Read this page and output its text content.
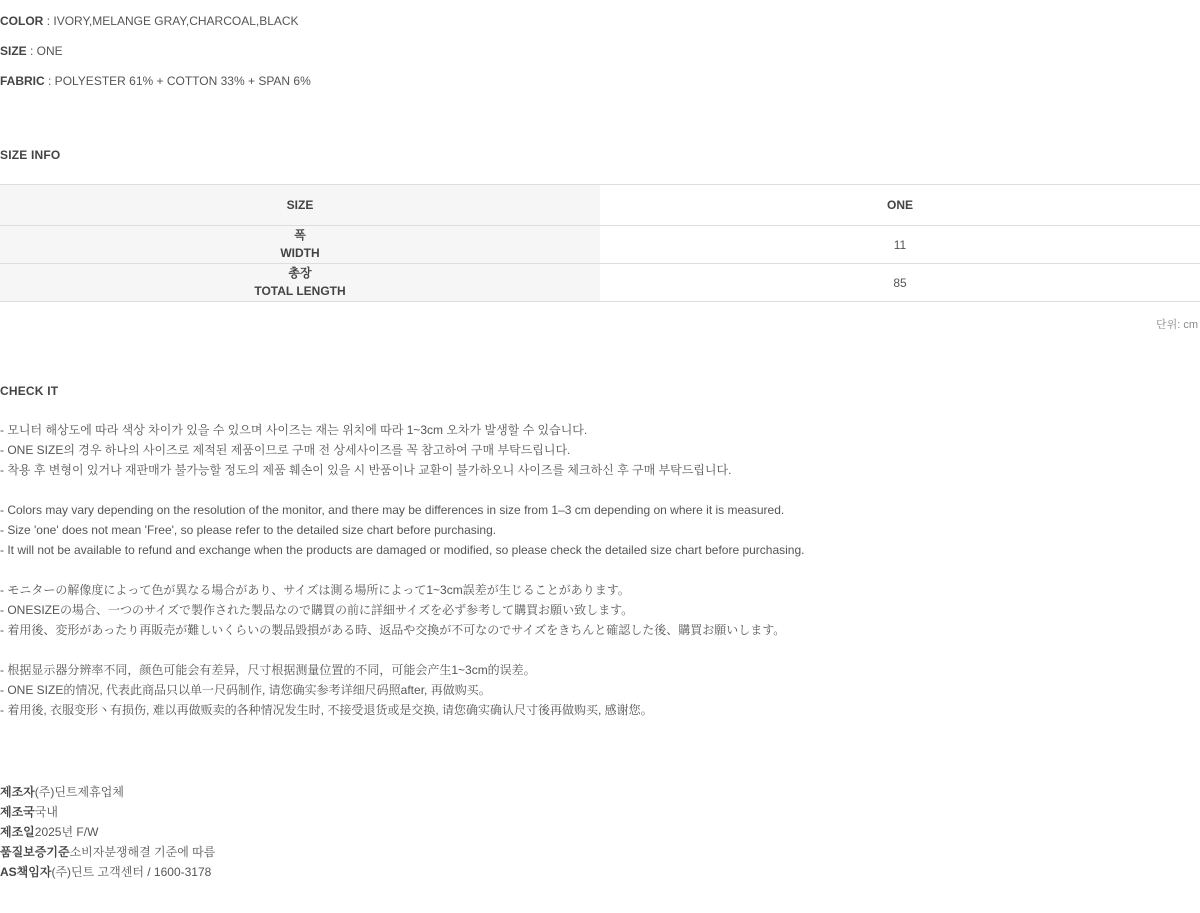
COLOR : IVORY,MELANGE GRAY,CHARCOAL,BLACK
SIZE : ONE
FABRIC : POLYESTER 61% + COTTON 33% + SPAN 6%
SIZE INFO
SIZE	ONE

폭
WIDTH	11

총장
TOTAL LENGTH	85
단위: cm
CHECK IT
- 모니터 해상도에 따라 색상 차이가 있을 수 있으며 사이즈는 재는 위치에 따라 1~3cm 오차가 발생할 수 있습니다.
- ONE SIZE의 경우 하나의 사이즈로 제적된 제품이므로 구매 전 상세사이즈를 꼭 참고하여 구매 부탁드립니다.
- 착용 후 변형이 있거나 재판매가 불가능할 정도의 제품 훼손이 있을 시 반품이나 교환이 불가하오니 사이즈를 체크하신 후 구매 부탁드립니다.
- Colors may vary depending on the resolution of the monitor, and there may be differences in size from 1–3 cm depending on where it is measured.
- Size 'one' does not mean 'Free', so please refer to the detailed size chart before purchasing.
- It will not be available to refund and exchange when the products are damaged or modified, so please check the detailed size chart before purchasing.
- モニターの解像度によって色が異なる場合があり、サイズは測る場所によって1~3cm誤差が生じることがあります。
- ONESIZEの場合、一つのサイズで製作された製品なので購買の前に詳細サイズを必ず参考して購買お願い致します。
- 着用後、変形があったり再販売が難しいくらいの製品毀損がある時、返品や交換が不可なのでサイズをきちんと確認した後、購買お願いします。
- 根据显示器分辨率不同，颜色可能会有差异，尺寸根据测量位置的不同，可能会产生1~3cm的误差。
- ONE SIZE的情况, 代表此商品只以单一尺码制作, 请您确实参考详细尺码照after, 再做购买。
- 着用後, 衣服变形丶有损伤, 难以再做贩卖的各种情况发生时, 不接受退货或是交换, 请您确实确认尺寸後再做购买, 感谢您。
제조자(주)딘트제휴업체
제조국국내
제조일2025년 F/W
품질보증기준소비자분쟁해결 기준에 따름
AS책임자(주)딘트 고객센터 / 1600-3178
